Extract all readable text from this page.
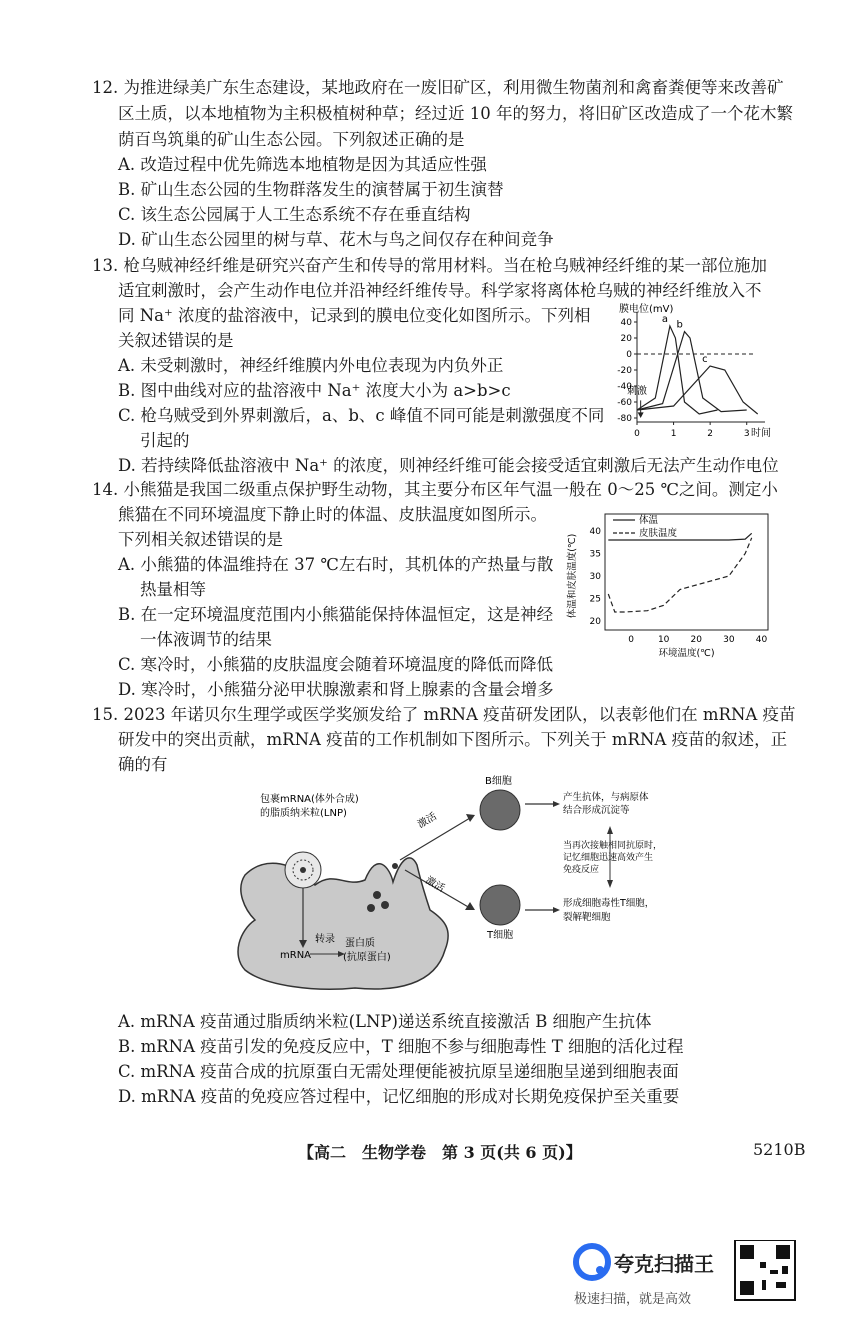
12. 为推进绿美广东生态建设，某地政府在一废旧矿区，利用微生物菌剂和禽畜粪便等来改善矿
区土质，以本地植物为主积极植树种草；经过近 10 年的努力，将旧矿区改造成了一个花木繁
荫百鸟筑巢的矿山生态公园。下列叙述正确的是
A. 改造过程中优先筛选本地植物是因为其适应性强
B. 矿山生态公园的生物群落发生的演替属于初生演替
C. 该生态公园属于人工生态系统不存在垂直结构
D. 矿山生态公园里的树与草、花木与鸟之间仅存在种间竞争
13. 枪乌贼神经纤维是研究兴奋产生和传导的常用材料。当在枪乌贼神经纤维的某一部位施加
适宜刺激时，会产生动作电位并沿神经纤维传导。科学家将离体枪乌贼的神经纤维放入不
同 Na⁺ 浓度的盐溶液中，记录到的膜电位变化如图所示。下列相
关叙述错误的是
A. 未受刺激时，神经纤维膜内外电位表现为内负外正
B. 图中曲线对应的盐溶液中 Na⁺ 浓度大小为 a>b>c
C. 枪乌贼受到外界刺激后，a、b、c 峰值不同可能是刺激强度不同
引起的
D. 若持续降低盐溶液中 Na⁺ 的浓度，则神经纤维可能会接受适宜刺激后无法产生动作电位
膜电位(mV)
时间
40
20
0
-20
-40
-60
-80
0	1	2	3
a
b
c
刺激
14. 小熊猫是我国二级重点保护野生动物，其主要分布区年气温一般在 0～25 ℃之间。测定小
熊猫在不同环境温度下静止时的体温、皮肤温度如图所示。
下列相关叙述错误的是
A. 小熊猫的体温维持在 37 ℃左右时，其机体的产热量与散
热量相等
B. 在一定环境温度范围内小熊猫能保持体温恒定，这是神经
一体液调节的结果
C. 寒冷时，小熊猫的皮肤温度会随着环境温度的降低而降低
D. 寒冷时，小熊猫分泌甲状腺激素和肾上腺素的含量会增多
体温和皮肤温度(℃)
环境温度(℃)
20
25
30
35
40
0	10 20 30 40
体温
皮肤温度
15. 2023 年诺贝尔生理学或医学奖颁发给了 mRNA 疫苗研发团队，以表彰他们在 mRNA 疫苗
研发中的突出贡献，mRNA 疫苗的工作机制如下图所示。下列关于 mRNA 疫苗的叙述，正
确的有
包裹mRNA(体外合成)
的脂质纳米粒(LNP)
mRNA
转录 蛋白质
(抗原蛋白)
激活
激活
B细胞
T细胞
产生抗体，与病原体
结合形成沉淀等
当再次接触相同抗原时，
记忆细胞迅速高效产生
免疫反应
形成细胞毒性T细胞，
裂解靶细胞
A. mRNA 疫苗通过脂质纳米粒(LNP)递送系统直接激活 B 细胞产生抗体
B. mRNA 疫苗引发的免疫反应中，T 细胞不参与细胞毒性 T 细胞的活化过程
C. mRNA 疫苗合成的抗原蛋白无需处理便能被抗原呈递细胞呈递到细胞表面
D. mRNA 疫苗的免疫应答过程中，记忆细胞的形成对长期免疫保护至关重要
【高二　生物学卷　第 3 页(共 6 页)】	5210B
夸克扫描王
极速扫描，就是高效
